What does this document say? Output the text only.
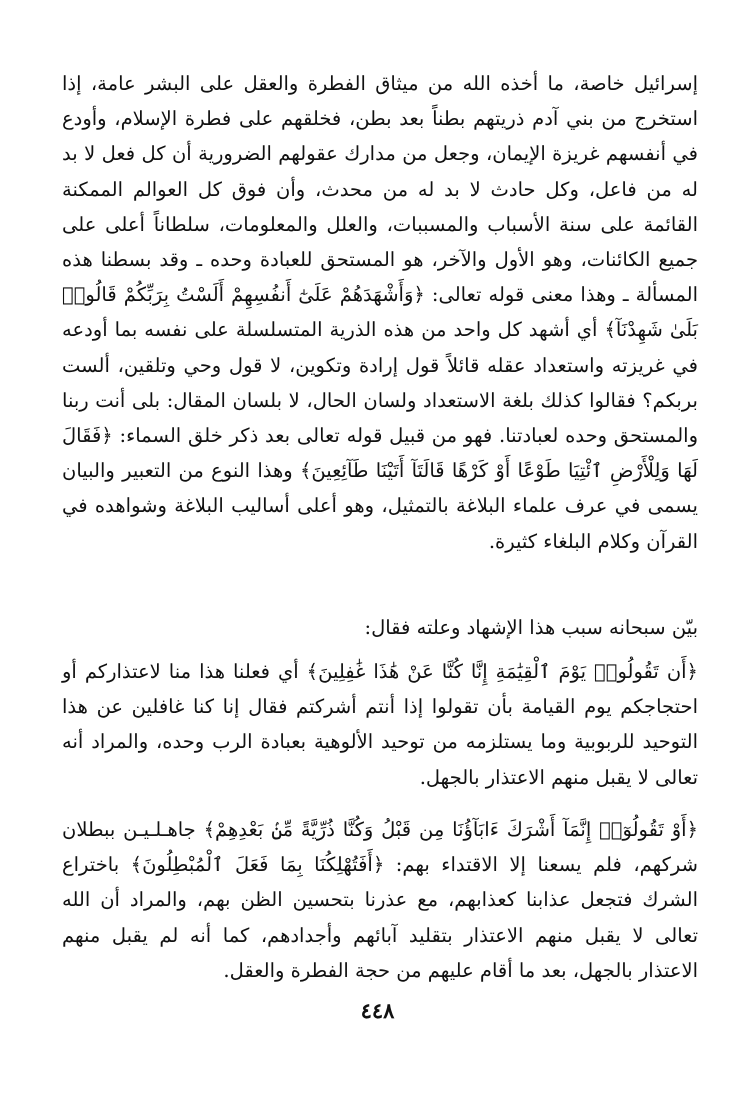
إسرائيل خاصة، ما أخذه الله من ميثاق الفطرة والعقل على البشر عامة، إذا استخرج من بني آدم ذريتهم بطناً بعد بطن، فخلقهم على فطرة الإسلام، وأودع في أنفسهم غريزة الإيمان، وجعل من مدارك عقولهم الضرورية أن كل فعل لا بد له من فاعل، وكل حادث لا بد له من محدث، وأن فوق كل العوالم الممكنة القائمة على سنة الأسباب والمسببات، والعلل والمعلومات، سلطاناً أعلى على جميع الكائنات، وهو الأول والآخر، هو المستحق للعبادة وحده ـ وقد بسطنا هذه المسألة ـ وهذا معنى قوله تعالى: ﴿وَأَشْهَدَهُمْ عَلَىٰٓ أَنفُسِهِمْ أَلَسْتُ بِرَبِّكُمْ قَالُوا۟ بَلَىٰ شَهِدْنَآ﴾ أي أشهد كل واحد من هذه الذرية المتسلسلة على نفسه بما أودعه في غريزته واستعداد عقله قائلاً قول إرادة وتكوين، لا قول وحي وتلقين، ألست بربكم؟ فقالوا كذلك بلغة الاستعداد ولسان الحال، لا بلسان المقال: بلى أنت ربنا والمستحق وحده لعبادتنا. فهو من قبيل قوله تعالى بعد ذكر خلق السماء: ﴿فَقَالَ لَهَا وَلِلْأَرْضِ ٱئْتِيَا طَوْعًا أَوْ كَرْهًا قَالَتَآ أَتَيْنَا طَآئِعِينَ﴾ وهذا النوع من التعبير والبيان يسمى في عرف علماء البلاغة بالتمثيل، وهو أعلى أساليب البلاغة وشواهده في القرآن وكلام البلغاء كثيرة.

بيّن سبحانه سبب هذا الإشهاد وعلته فقال:

﴿أَن تَقُولُوا۟ يَوْمَ ٱلْقِيَٰمَةِ إِنَّا كُنَّا عَنْ هَٰذَا غَٰفِلِينَ﴾ أي فعلنا هذا منا لاعتذاركم أو احتجاجكم يوم القيامة بأن تقولوا إذا أنتم أشركتم فقال إنا كنا غافلين عن هذا التوحيد للربوبية وما يستلزمه من توحيد الألوهية بعبادة الرب وحده، والمراد أنه تعالى لا يقبل منهم الاعتذار بالجهل.

﴿أَوْ تَقُولُوٓا۟ إِنَّمَآ أَشْرَكَ ءَابَآؤُنَا مِن قَبْلُ وَكُنَّا ذُرِّيَّةً مِّنۢ بَعْدِهِمْ﴾ جاهـلـيـن ببطلان شركهم، فلم يسعنا إلا الاقتداء بهم: ﴿أَفَتُهْلِكُنَا بِمَا فَعَلَ ٱلْمُبْطِلُونَ﴾ باختراع الشرك فتجعل عذابنا كعذابهم، مع عذرنا بتحسين الظن بهم، والمراد أن الله تعالى لا يقبل منهم الاعتذار بتقليد آبائهم وأجدادهم، كما أنه لم يقبل منهم الاعتذار بالجهل، بعد ما أقام عليهم من حجة الفطرة والعقل.

٤٤٨
